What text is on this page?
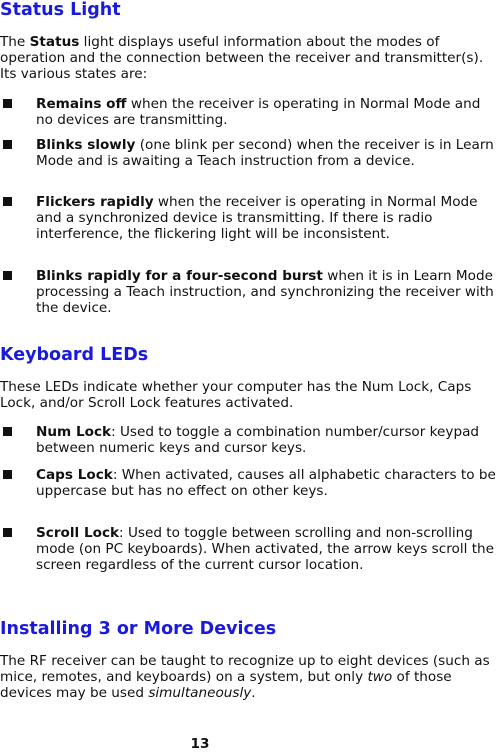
Status Light

The Status light displays useful information about the modes of operation and the connection between the receiver and transmitter(s). Its various states are:

Remains off when the receiver is operating in Normal Mode and no devices are transmitting.
Blinks slowly (one blink per second) when the receiver is in Learn Mode and is awaiting a Teach instruction from a device.
Flickers rapidly when the receiver is operating in Normal Mode and a synchronized device is transmitting. If there is radio interference, the flickering light will be inconsistent.
Blinks rapidly for a four-second burst when it is in Learn Mode processing a Teach instruction, and synchronizing the receiver with the device.
Keyboard LEDs

These LEDs indicate whether your computer has the Num Lock, Caps Lock, and/or Scroll Lock features activated.

Num Lock: Used to toggle a combination number/cursor keypad between numeric keys and cursor keys.
Caps Lock: When activated, causes all alphabetic characters to be uppercase but has no effect on other keys.
Scroll Lock: Used to toggle between scrolling and non-scrolling mode (on PC keyboards). When activated, the arrow keys scroll the screen regardless of the current cursor location.
Installing 3 or More Devices

The RF receiver can be taught to recognize up to eight devices (such as mice, remotes, and keyboards) on a system, but only two of those devices may be used simultaneously.

13
